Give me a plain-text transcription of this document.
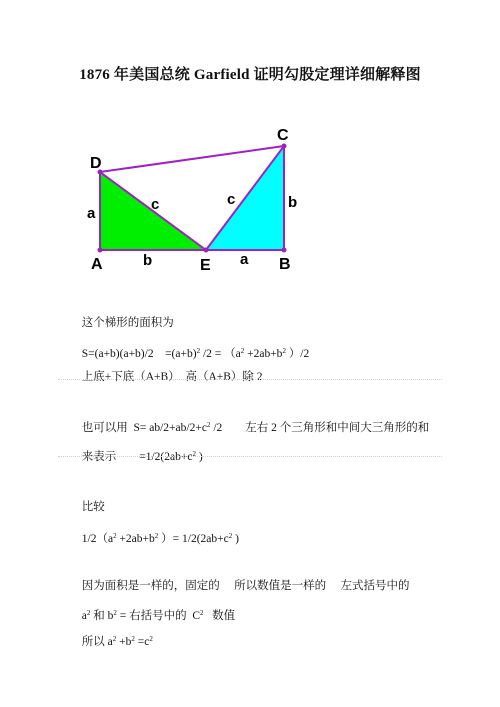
1876 年美国总统 Garfield 证明勾股定理详细解释图
D
C
A	E	B
a
c
b
c	b
a

这个梯形的面积为

S=(a+b)(a+b)/2　$=(a+b)^2$ $/2 = (a^2 +2ab+b^2$ ）/2

上底+下底（A+B）  高（A+B）除 2

也可以用  $S= ab/2+ab/2+c^2$ /2　　左右 2 个三角形和中间大三角形的和

来表示　　$=1/2(2ab+c^2$ )

比较

$1/2(a^2 +2ab+b^2$ ）= $1/2(2ab+c^2$ )

因为面积是一样的，固定的　 所以数值是一样的　 左式括号中的

$a^2$ 和 $b^2$ = 右括号中的  $C^2$   数值

所以 $a^2 +b^2 =c^2$
